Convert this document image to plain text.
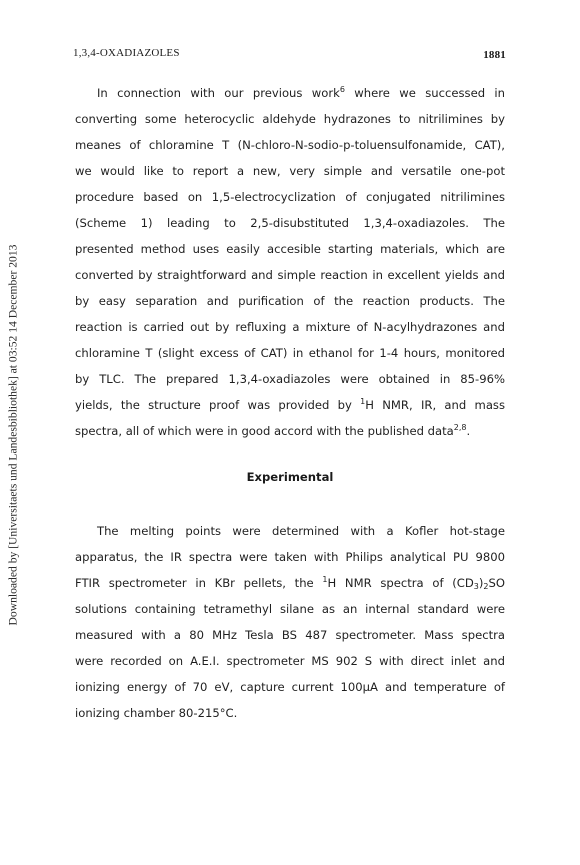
1,3,4-OXADIAZOLES	1881
Downloaded by [Universitaets und Landesbibliothek] at 03:52 14 December 2013
In connection with our previous work$^6$ where we successed in
converting some heterocyclic aldehyde hydrazones to nitrilimines by
meanes of chloramine T (N-chloro-N-sodio-p-toluensulfonamide, CAT),
we would like to report a new, very simple and versatile one-pot
procedure based on 1,5-electrocyclization of conjugated nitrilimines
(Scheme 1) leading to 2,5-disubstituted 1,3,4-oxadiazoles. The
presented method uses easily accesible starting materials, which are
converted by straightforward and simple reaction in excellent yields and
by easy separation and purification of the reaction products. The
reaction is carried out by refluxing a mixture of N-acylhydrazones and
chloramine T (slight excess of CAT) in ethanol for 1-4 hours, monitored
by TLC. The prepared 1,3,4-oxadiazoles were obtained in 85-96%
yields, the structure proof was provided by $^1$H NMR, IR, and mass
spectra, all of which were in good accord with the published data$^{2,8}$.
Experimental
The melting points were determined with a Kofler hot-stage
apparatus, the IR spectra were taken with Philips analytical PU 9800
FTIR spectrometer in KBr pellets, the $^1$H NMR spectra of $(CD_3)_2SO$
solutions containing tetramethyl silane as an internal standard were
measured with a 80 MHz Tesla BS 487 spectrometer. Mass spectra
were recorded on A.E.I. spectrometer MS 902 S with direct inlet and
ionizing energy of 70 eV, capture current 100µA and temperature of
ionizing chamber 80-215°C.
